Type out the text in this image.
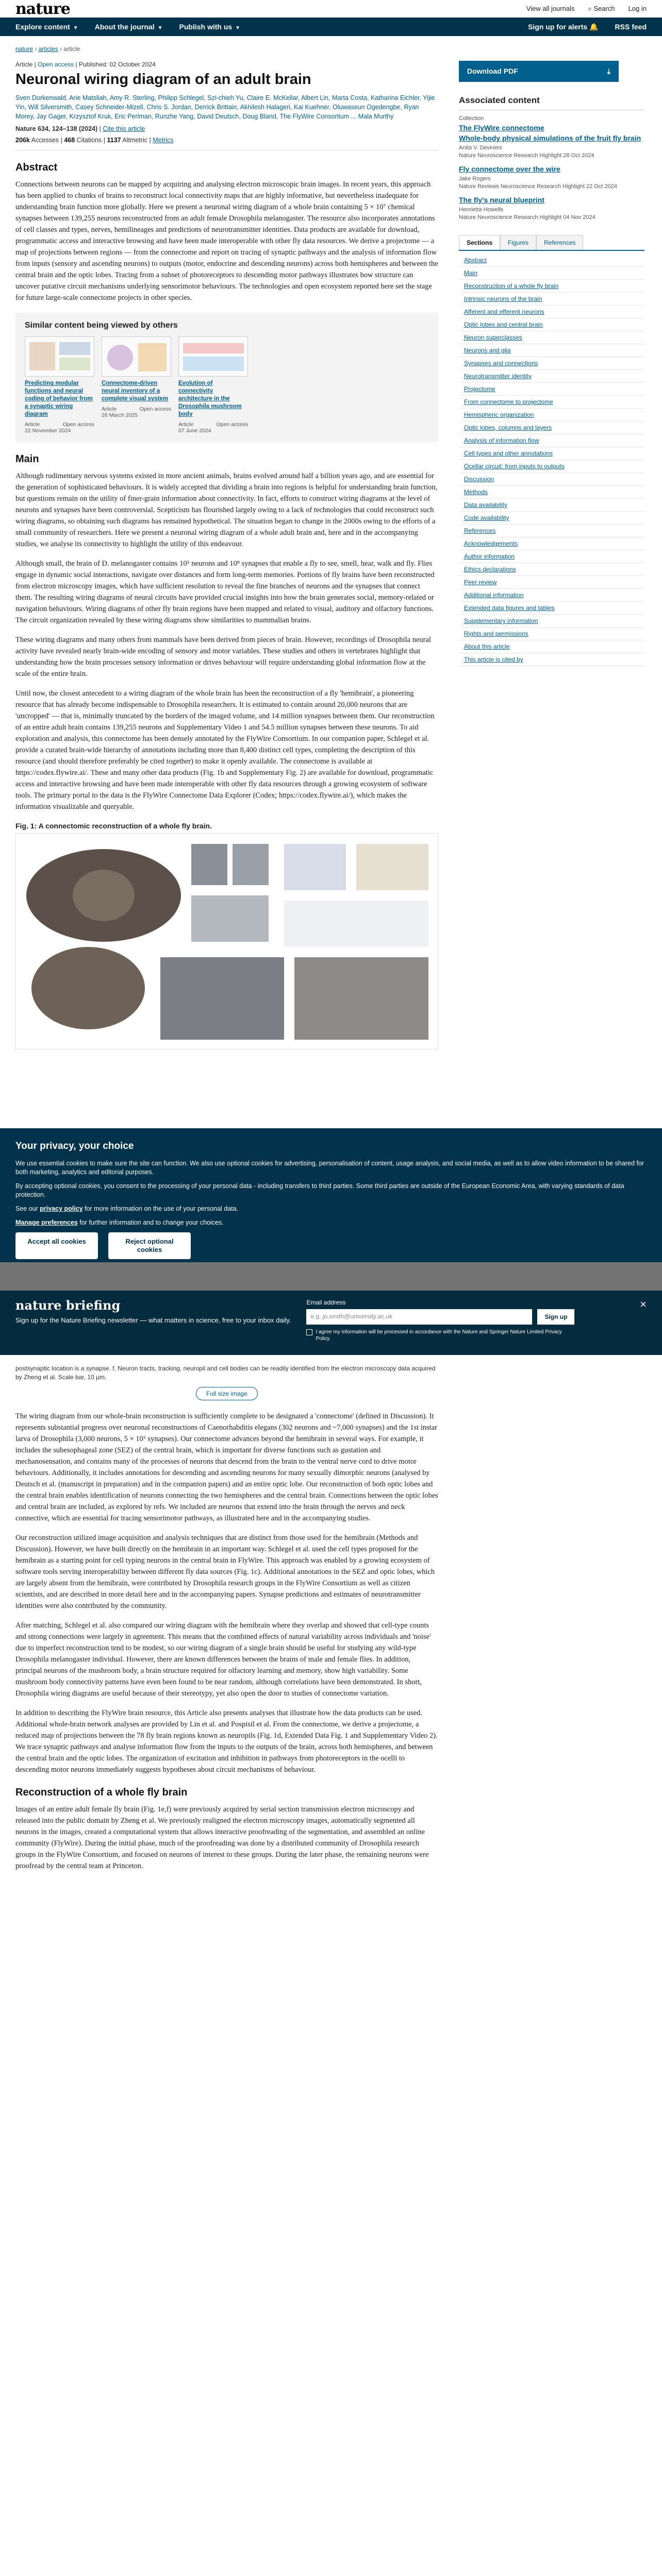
nature	View all journals ⌕ Search Log in
Explore content ▼ About the journal ▼ Publish with us ▼	Sign up for alerts 🔔 RSS feed
nature › articles › article
Article | Open access | Published: 02 October 2024
Neuronal wiring diagram of an adult brain
Sven Dorkenwald, Arie Matsliah, Amy R. Sterling, Philipp Schlegel, Szi-chieh Yu, Claire E. McKellar, Albert Lin, Marta Costa, Katharina Eichler, Yijie Yin, Will Silversmith, Casey Schneider-Mizell, Chris S. Jordan, Derrick Brittain, Akhilesh Halageri, Kai Kuehner, Oluwaseun Ogedengbe, Ryan Morey, Jay Gager, Krzysztof Kruk, Eric Perlman, Runzhe Yang, David Deutsch, Doug Bland, The FlyWire Consortium ... Mala Murthy
Nature 634, 124–138 (2024) | Cite this article
206k Accesses | 468 Citations | 1137 Altmetric | Metrics
Abstract

Connections between neurons can be mapped by acquiring and analysing electron microscopic brain images. In recent years, this approach has been applied to chunks of brains to reconstruct local connectivity maps that are highly informative, but nevertheless inadequate for understanding brain function more globally. Here we present a neuronal wiring diagram of a whole brain containing 5 × 10⁷ chemical synapses between 139,255 neurons reconstructed from an adult female Drosophila melanogaster. The resource also incorporates annotations of cell classes and types, nerves, hemilineages and predictions of neurotransmitter identities. Data products are available for download, programmatic access and interactive browsing and have been made interoperable with other fly data resources. We derive a projectome — a map of projections between regions — from the connectome and report on tracing of synaptic pathways and the analysis of information flow from inputs (sensory and ascending neurons) to outputs (motor, endocrine and descending neurons) across both hemispheres and between the central brain and the optic lobes. Tracing from a subset of photoreceptors to descending motor pathways illustrates how structure can uncover putative circuit mechanisms underlying sensorimotor behaviours. The technologies and open ecosystem reported here set the stage for future large-scale connectome projects in other species.

Similar content being viewed by others
Predicting modular functions and neural coding of behavior from a synaptic wiring diagram
Article	Open access
22 November 2024
Connectome-driven neural inventory of a complete visual system
Article	Open access
26 March 2025
Evolution of connectivity architecture in the Drosophila mushroom body
Article	Open access
07 June 2024
Main

Although rudimentary nervous systems existed in more ancient animals, brains evolved around half a billion years ago, and are essential for the generation of sophisticated behaviours. It is widely accepted that dividing a brain into regions is helpful for understanding brain function, but questions remain on the utility of finer-grain information about connectivity. In fact, efforts to construct wiring diagrams at the level of neurons and synapses have been controversial. Scepticism has flourished largely owing to a lack of technologies that could reconstruct such wiring diagrams, so obtaining such diagrams has remained hypothetical. The situation began to change in the 2000s owing to the efforts of a small community of researchers. Here we present a neuronal wiring diagram of a whole adult brain and, here and in the accompanying studies, we analyse its connectivity to highlight the utility of this endeavour.

Although small, the brain of D. melanogaster contains 10⁵ neurons and 10⁸ synapses that enable a fly to see, smell, hear, walk and fly. Flies engage in dynamic social interactions, navigate over distances and form long-term memories. Portions of fly brains have been reconstructed from electron microscopy images, which have sufficient resolution to reveal the fine branches of neurons and the synapses that connect them. The resulting wiring diagrams of neural circuits have provided crucial insights into how the brain generates social, memory-related or navigation behaviours. Wiring diagrams of other fly brain regions have been mapped and related to visual, auditory and olfactory functions. The circuit organization revealed by these wiring diagrams show similarities to mammalian brains.

These wiring diagrams and many others from mammals have been derived from pieces of brain. However, recordings of Drosophila neural activity have revealed nearly brain-wide encoding of sensory and motor variables. These studies and others in vertebrates highlight that understanding how the brain processes sensory information or drives behaviour will require understanding global information flow at the scale of the entire brain.

Until now, the closest antecedent to a wiring diagram of the whole brain has been the reconstruction of a fly 'hemibrain', a pioneering resource that has already become indispensable to Drosophila researchers. It is estimated to contain around 20,000 neurons that are 'uncropped' — that is, minimally truncated by the borders of the imaged volume, and 14 million synapses between them. Our reconstruction of an entire adult brain contains 139,255 neurons and Supplementary Video 1 and 54.5 million synapses between these neurons. To aid exploration and analysis, this connectome has been densely annotated by the FlyWire Consortium. In our companion paper, Schlegel et al. provide a curated brain-wide hierarchy of annotations including more than 8,400 distinct cell types, completing the description of this resource (and should therefore preferably be cited together) to make it openly available. The connectome is available at https://codex.flywire.ai/. These and many other data products (Fig. 1b and Supplementary Fig. 2) are available for download, programmatic access and interactive browsing and have been made interoperable with other fly data resources through a growing ecosystem of software tools. The primary portal to the data is the FlyWire Connectome Data Explorer (Codex; https://codex.flywire.ai/), which makes the information visualizable and queryable.

Fig. 1: A connectomic reconstruction of a whole fly brain.
Download PDF	⤓
Associated content
Collection
The FlyWire connectome
Whole-body physical simulations of the fruit fly brain
Anita V. Devineni
Nature Neuroscience Research Highlight 28 Oct 2024
Fly connectome over the wire
Jake Rogers
Nature Reviews Neuroscience Research Highlight 22 Oct 2024
The fly's neural blueprint
Henrietta Howells
Nature Neuroscience Research Highlight 04 Nov 2024
Sections	Figures	References
Abstract
Main
Reconstruction of a whole fly brain
Intrinsic neurons of the brain
Afferent and efferent neurons
Optic lobes and central brain
Neuron superclasses
Neurons and glia
Synapses and connections
Neurotransmitter identity
Projectome
From connectome to projectome
Hemispheric organization
Optic lobes, columns and layers
Analysis of information flow
Cell types and other annotations
Ocellar circuit: from inputs to outputs
Discussion
Methods
Data availability
Code availability
References
Acknowledgements
Author information
Ethics declarations
Peer review
Additional information
Extended data figures and tables
Supplementary information
Rights and permissions
About this article
This article is cited by
Your privacy, your choice

We use essential cookies to make sure the site can function. We also use optional cookies for advertising, personalisation of content, usage analysis, and social media, as well as to allow video information to be shared for both marketing, analytics and editorial purposes.

By accepting optional cookies, you consent to the processing of your personal data - including transfers to third parties. Some third parties are outside of the European Economic Area, with varying standards of data protection.

See our privacy policy for more information on the use of your personal data.

Manage preferences for further information and to change your choices.

Accept all cookies	Reject optional cookies
nature briefing
Sign up for the Nature Briefing newsletter — what matters in science, free to your inbox daily.
Email address
e.g. jo.smith@university.ac.uk	Sign up
I agree my information will be processed in accordance with the Nature and Springer Nature Limited Privacy Policy.
×
postsynaptic location is a synapse. f, Neuron tracts, tracking, neuropil and cell bodies can be readily identified from the electron microscopy data acquired by Zheng et al. Scale bar, 10 μm.
Full size image

The wiring diagram from our whole-brain reconstruction is sufficiently complete to be designated a 'connectome' (defined in Discussion). It represents substantial progress over neuronal reconstructions of Caenorhabditis elegans (302 neurons and ~7,000 synapses) and the 1st instar larva of Drosophila (3,000 neurons, 5 × 10⁵ synapses). Our connectome advances beyond the hemibrain in several ways. For example, it includes the subesophageal zone (SEZ) of the central brain, which is important for diverse functions such as gustation and mechanosensation, and contains many of the processes of neurons that descend from the brain to the ventral nerve cord to drive motor behaviours. Additionally, it includes annotations for descending and ascending neurons for many sexually dimorphic neurons (analysed by Deutsch et al. (manuscript in preparation) and in the companion papers) and an entire optic lobe. Our reconstruction of both optic lobes and the central brain enables identification of neurons connecting the two hemispheres and the central brain. Connections between the optic lobes and central brain are included, as explored by refs. We included are neurons that extend into the brain through the nerves and neck connective, which are essential for tracing sensorimotor pathways, as illustrated here and in the accompanying studies.

Our reconstruction utilized image acquisition and analysis techniques that are distinct from those used for the hemibrain (Methods and Discussion). However, we have built directly on the hemibrain in an important way. Schlegel et al. used the cell types proposed for the hemibrain as a starting point for cell typing neurons in the central brain in FlyWire. This approach was enabled by a growing ecosystem of software tools serving interoperability between different fly data sources (Fig. 1c). Additional annotations in the SEZ and optic lobes, which are largely absent from the hemibrain, were contributed by Drosophila research groups in the FlyWire Consortium as well as citizen scientists, and are described in more detail here and in the accompanying papers. Synapse predictions and estimates of neurotransmitter identities were also contributed by the community.

After matching, Schlegel et al. also compared our wiring diagram with the hemibrain where they overlap and showed that cell-type counts and strong connections were largely in agreement. This means that the combined effects of natural variability across individuals and 'noise' due to imperfect reconstruction tend to be modest, so our wiring diagram of a single brain should be useful for studying any wild-type Drosophila melanogaster individual. However, there are known differences between the brains of male and female flies. In addition, principal neurons of the mushroom body, a brain structure required for olfactory learning and memory, show high variability. Some mushroom body connectivity patterns have even been found to be near random, although correlations have been demonstrated. In short, Drosophila wiring diagrams are useful because of their stereotypy, yet also open the door to studies of connectome variation.

In addition to describing the FlyWire brain resource, this Article also presents analyses that illustrate how the data products can be used. Additional whole-brain network analyses are provided by Lin et al. and Pospisil et al. From the connectome, we derive a projectome, a reduced map of projections between the 78 fly brain regions known as neuropils (Fig. 1d, Extended Data Fig. 1 and Supplementary Video 2). We trace synaptic pathways and analyse information flow from the inputs to the outputs of the brain, across both hemispheres, and between the central brain and the optic lobes. The organization of excitation and inhibition in pathways from photoreceptors in the ocelli to descending motor neurons immediately suggests hypotheses about circuit mechanisms of behaviour.

Reconstruction of a whole fly brain

Images of an entire adult female fly brain (Fig. 1e,f) were previously acquired by serial section transmission electron microscopy and released into the public domain by Zheng et al. We previously realigned the electron microscopy images, automatically segmented all neurons in the images, created a computational system that allows interactive proofreading of the segmentation, and assembled an online community (FlyWire). During the initial phase, much of the proofreading was done by a distributed community of Drosophila research groups in the FlyWire Consortium, and focused on neurons of interest to these groups. During the later phase, the remaining neurons were proofread by the central team at Princeton.
